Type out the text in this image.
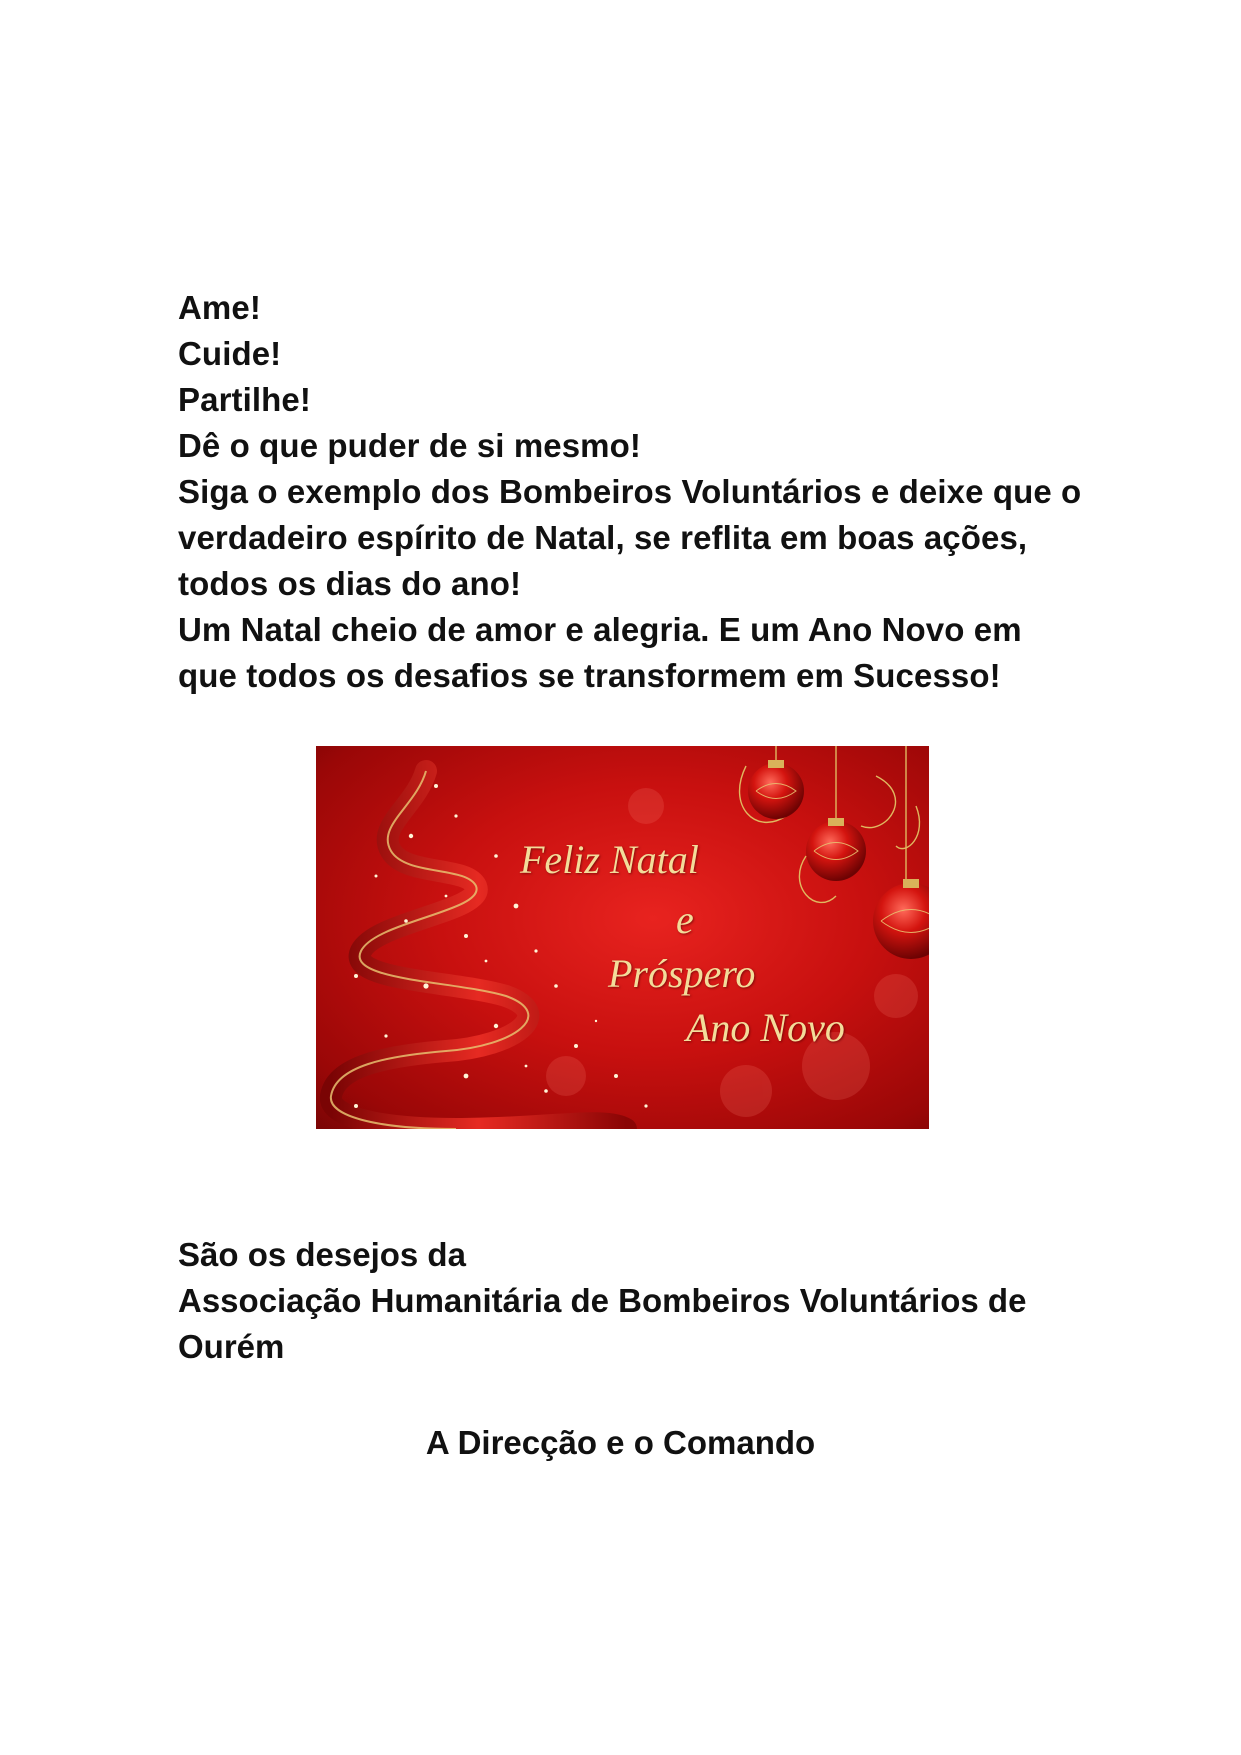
Ame!
Cuide!
Partilhe!
Dê o que puder de si mesmo!
Siga o exemplo dos Bombeiros Voluntários e deixe que o
verdadeiro espírito de Natal, se reflita em boas ações,
todos os dias do ano!
Um Natal cheio de amor e alegria. E um Ano Novo em
que todos os desafios se transformem em Sucesso!
Feliz Natal
e
Próspero
Ano Novo
São os desejos da
Associação Humanitária de Bombeiros Voluntários de
Ourém
A Direcção e o Comando
